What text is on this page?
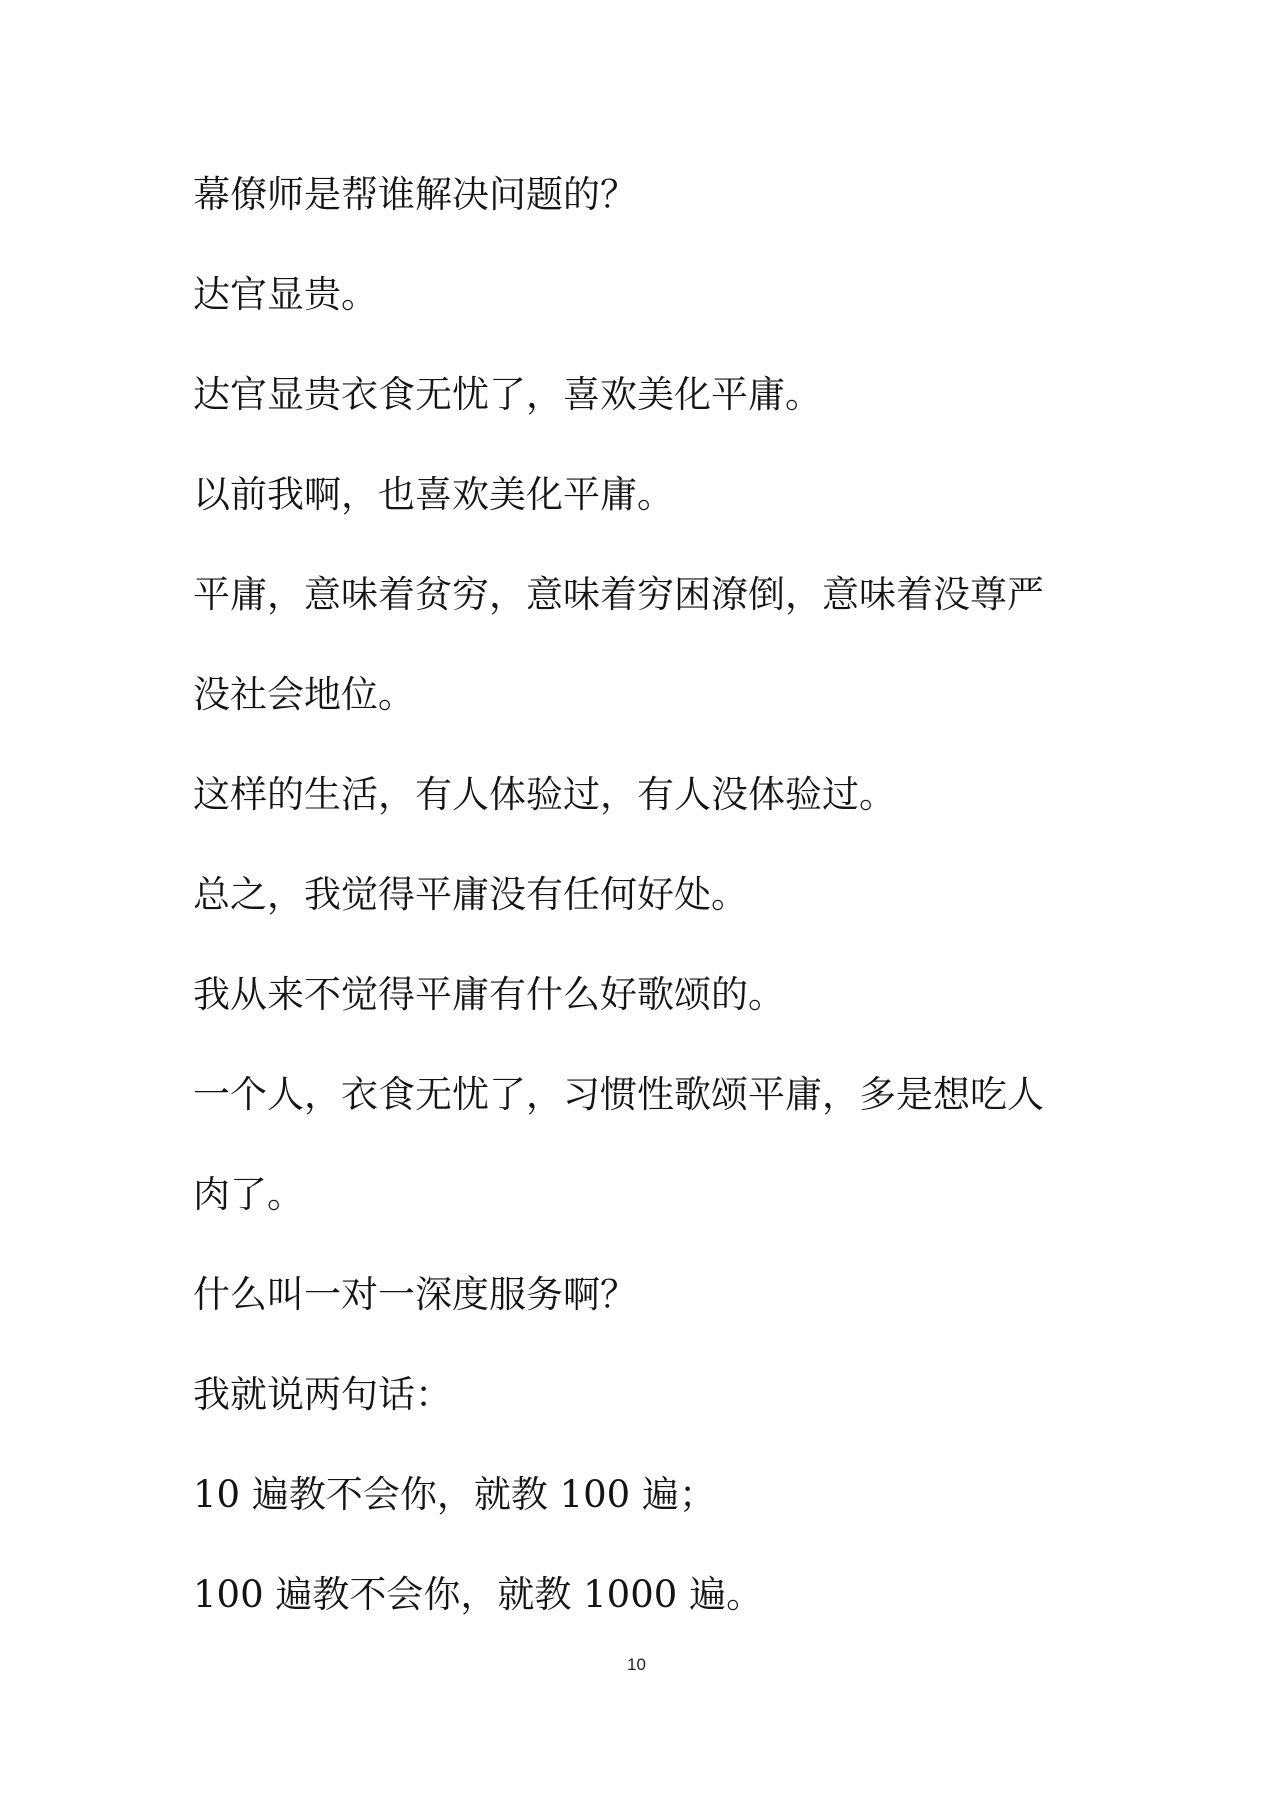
幕僚师是帮谁解决问题的？

达官显贵。

达官显贵衣食无忧了，喜欢美化平庸。

以前我啊，也喜欢美化平庸。

平庸，意味着贫穷，意味着穷困潦倒，意味着没尊严

没社会地位。

这样的生活，有人体验过，有人没体验过。

总之，我觉得平庸没有任何好处。

我从来不觉得平庸有什么好歌颂的。

一个人，衣食无忧了，习惯性歌颂平庸，多是想吃人

肉了。

什么叫一对一深度服务啊？

我就说两句话：

10 遍教不会你，就教 100 遍；

100 遍教不会你，就教 1000 遍。

10
